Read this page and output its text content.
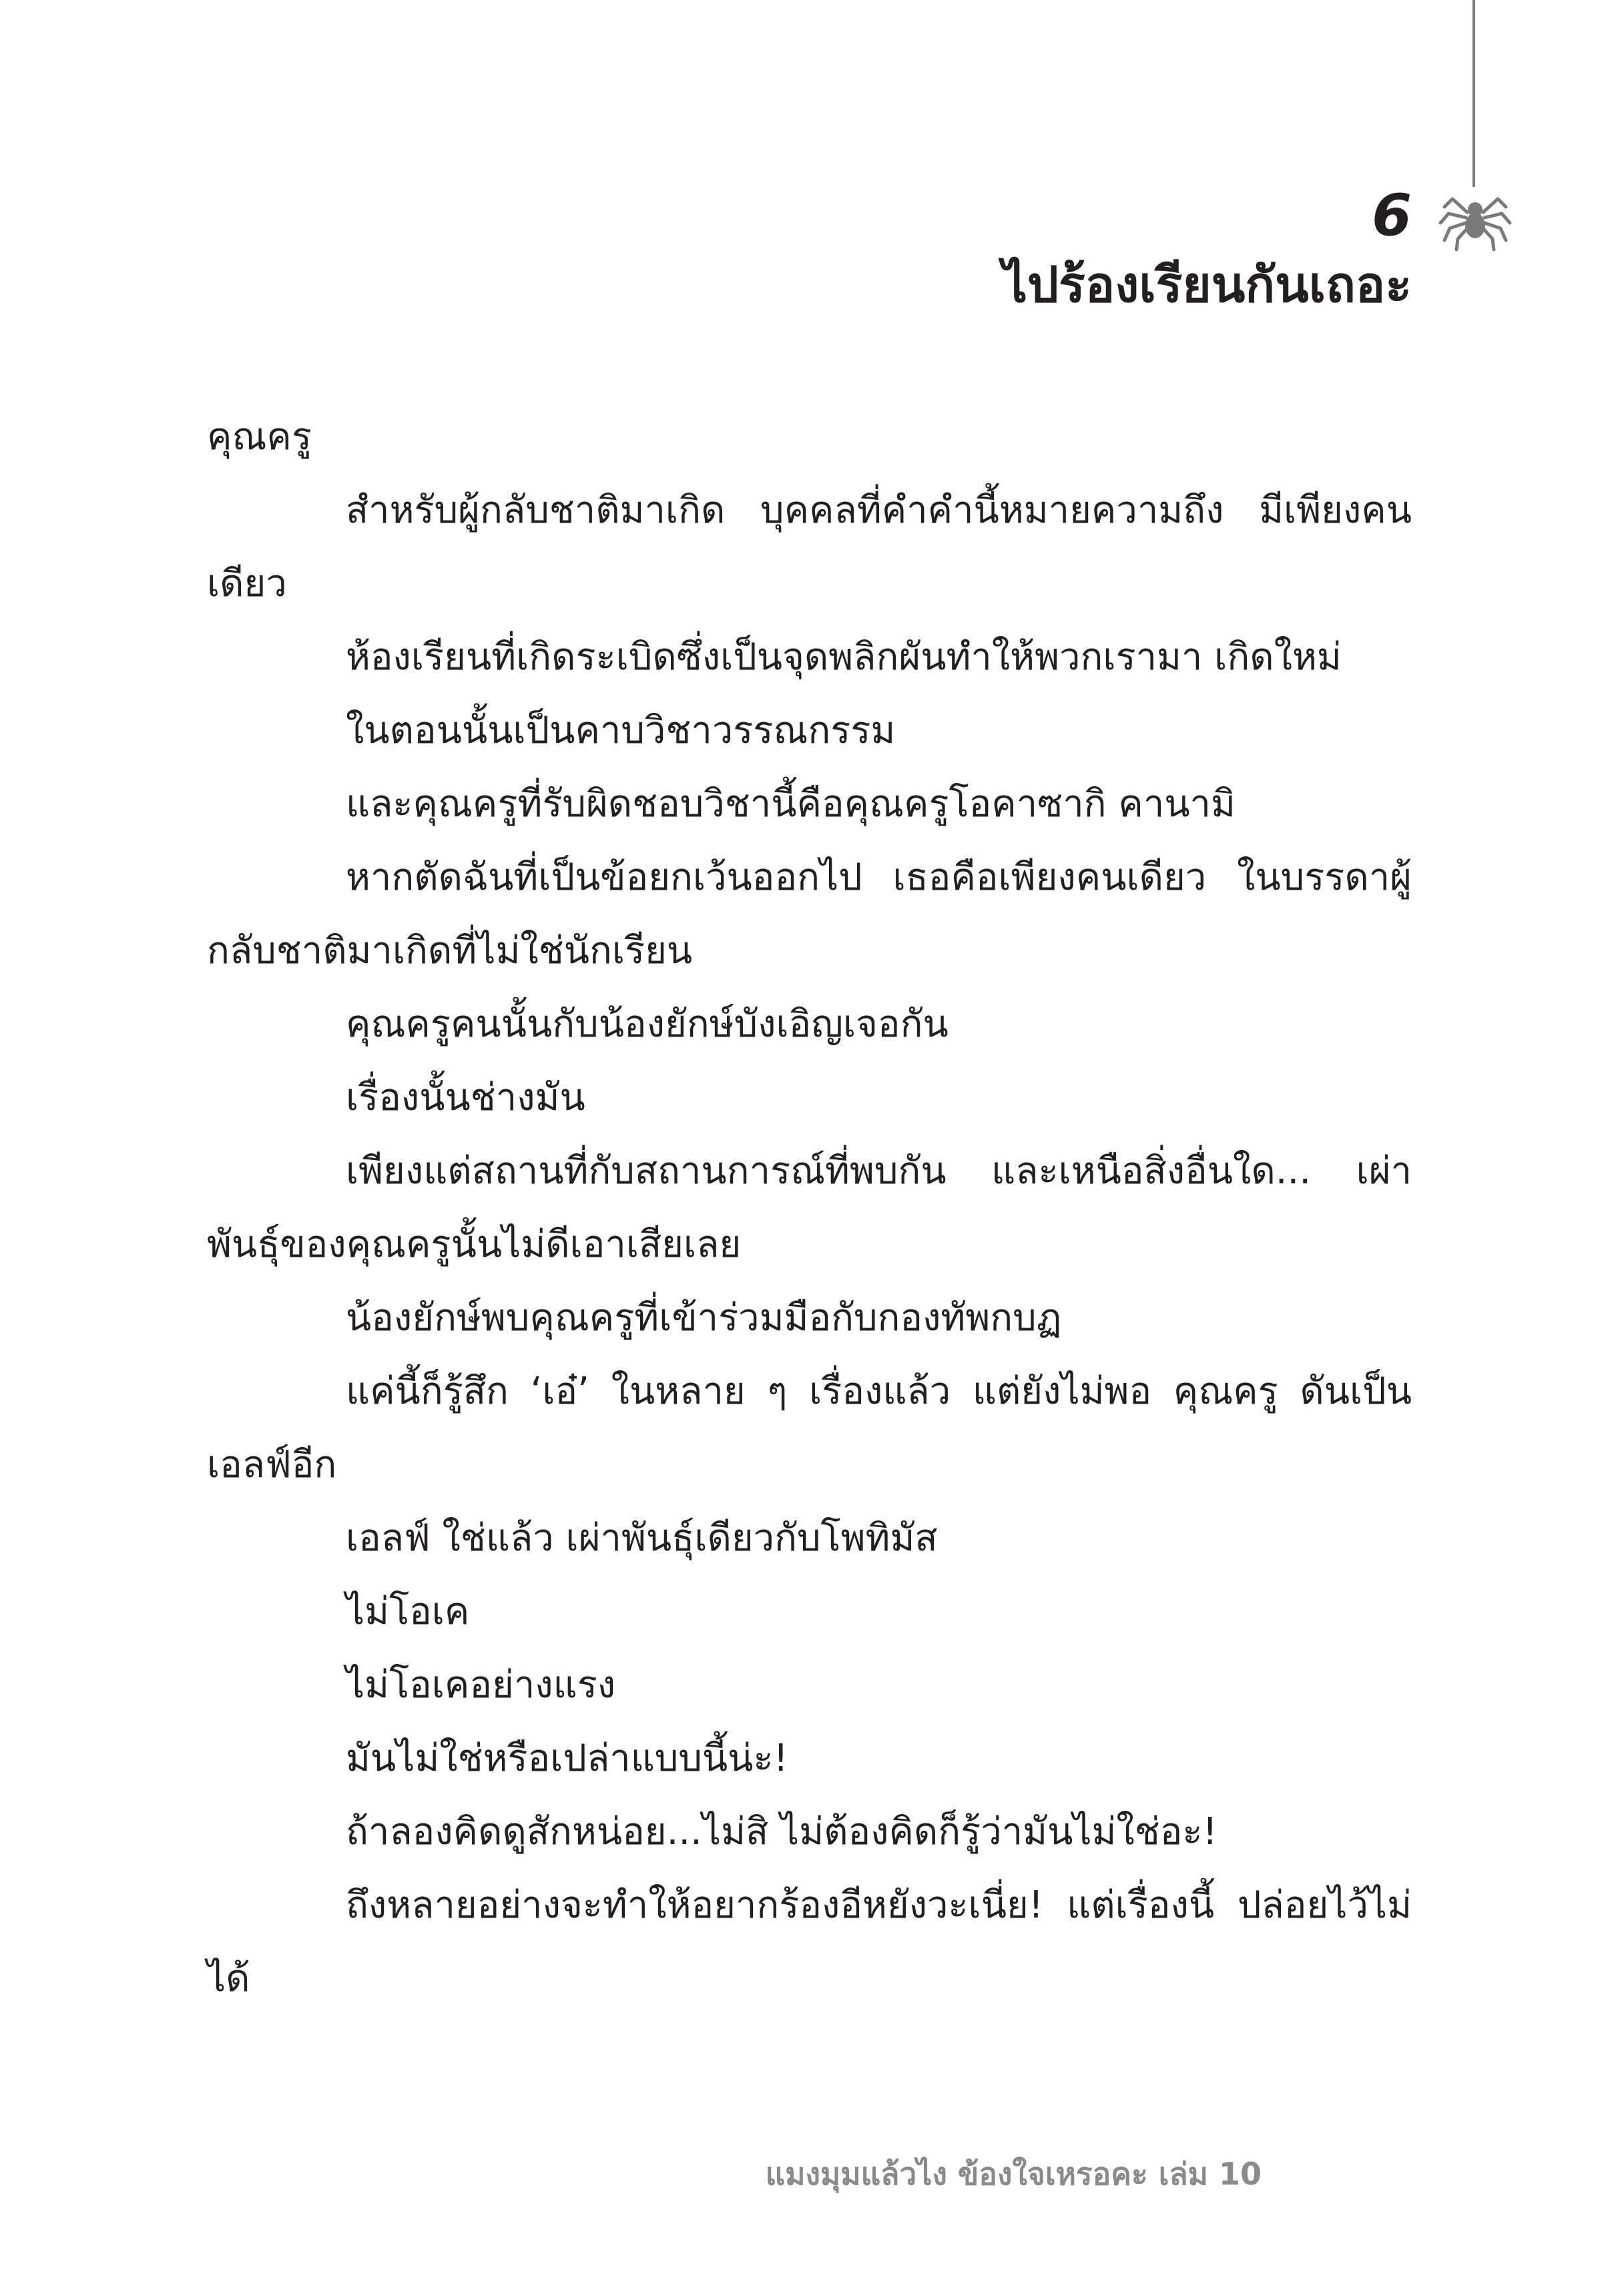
6
ไปร้องเรียนกันเถอะ

คุณครู

สำหรับผู้กลับชาติมาเกิด บุคคลที่คำคำนี้หมายความถึง มีเพียงคนเดียว

ห้องเรียนที่เกิดระเบิดซึ่งเป็นจุดพลิกผันทำให้พวกเรามา เกิดใหม่

ในตอนนั้นเป็นคาบวิชาวรรณกรรม

และคุณครูที่รับผิดชอบวิชานี้คือคุณครูโอคาซากิ คานามิ

หากตัดฉันที่เป็นข้อยกเว้นออกไป เธอคือเพียงคนเดียว ในบรรดาผู้กลับชาติมาเกิดที่ไม่ใช่นักเรียน

คุณครูคนนั้นกับน้องยักษ์บังเอิญเจอกัน

เรื่องนั้นช่างมัน

เพียงแต่สถานที่กับสถานการณ์ที่พบกัน และเหนือสิ่งอื่นใด... เผ่าพันธุ์ของคุณครูนั้นไม่ดีเอาเสียเลย

น้องยักษ์พบคุณครูที่เข้าร่วมมือกับกองทัพกบฏ

แค่นี้ก็รู้สึก ‘เอ๋’ ในหลาย ๆ เรื่องแล้ว แต่ยังไม่พอ คุณครู ดันเป็นเอลฟ์อีก

เอลฟ์ ใช่แล้ว เผ่าพันธุ์เดียวกับโพทิมัส

ไม่โอเค

ไม่โอเคอย่างแรง

มันไม่ใช่หรือเปล่าแบบนี้น่ะ!

ถ้าลองคิดดูสักหน่อย...ไม่สิ ไม่ต้องคิดก็รู้ว่ามันไม่ใช่อะ!

ถึงหลายอย่างจะทำให้อยากร้องอีหยังวะเนี่ย! แต่เรื่องนี้ ปล่อยไว้ไม่ได้

แมงมุมแล้วไง ข้องใจเหรอคะ เล่ม 10
